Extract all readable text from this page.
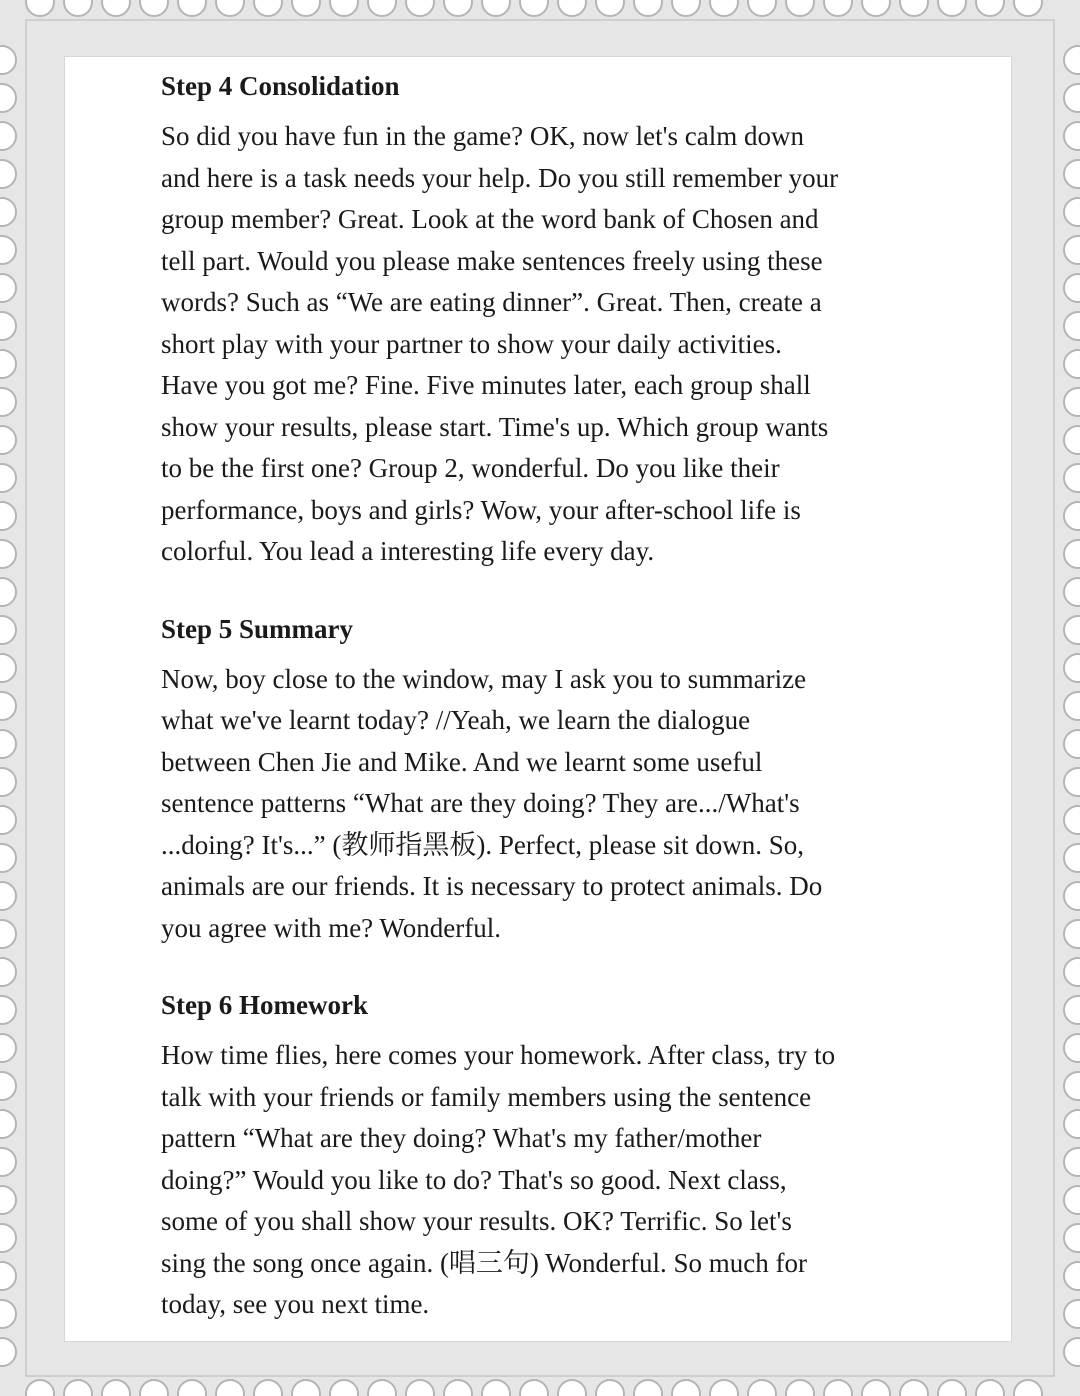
Step 4 Consolidation
So did you have fun in the game? OK, now let's calm down
and here is a task needs your help. Do you still remember your
group member? Great. Look at the word bank of Chosen and
tell part. Would you please make sentences freely using these
words? Such as “We are eating dinner”. Great. Then, create a
short play with your partner to show your daily activities.
Have you got me? Fine. Five minutes later, each group shall
show your results, please start. Time's up. Which group wants
to be the first one? Group 2, wonderful. Do you like their
performance, boys and girls? Wow, your after-school life is
colorful. You lead a interesting life every day.
Step 5 Summary
Now, boy close to the window, may I ask you to summarize
what we've learnt today? //Yeah, we learn the dialogue
between Chen Jie and Mike. And we learnt some useful
sentence patterns “What are they doing? They are.../What's
...doing? It's...” (教师指黑板). Perfect, please sit down. So,
animals are our friends. It is necessary to protect animals. Do
you agree with me? Wonderful.
Step 6 Homework
How time flies, here comes your homework. After class, try to
talk with your friends or family members using the sentence
pattern “What are they doing? What's my father/mother
doing?” Would you like to do? That's so good. Next class,
some of you shall show your results. OK? Terrific. So let's
sing the song once again. (唱三句) Wonderful. So much for
today, see you next time.
